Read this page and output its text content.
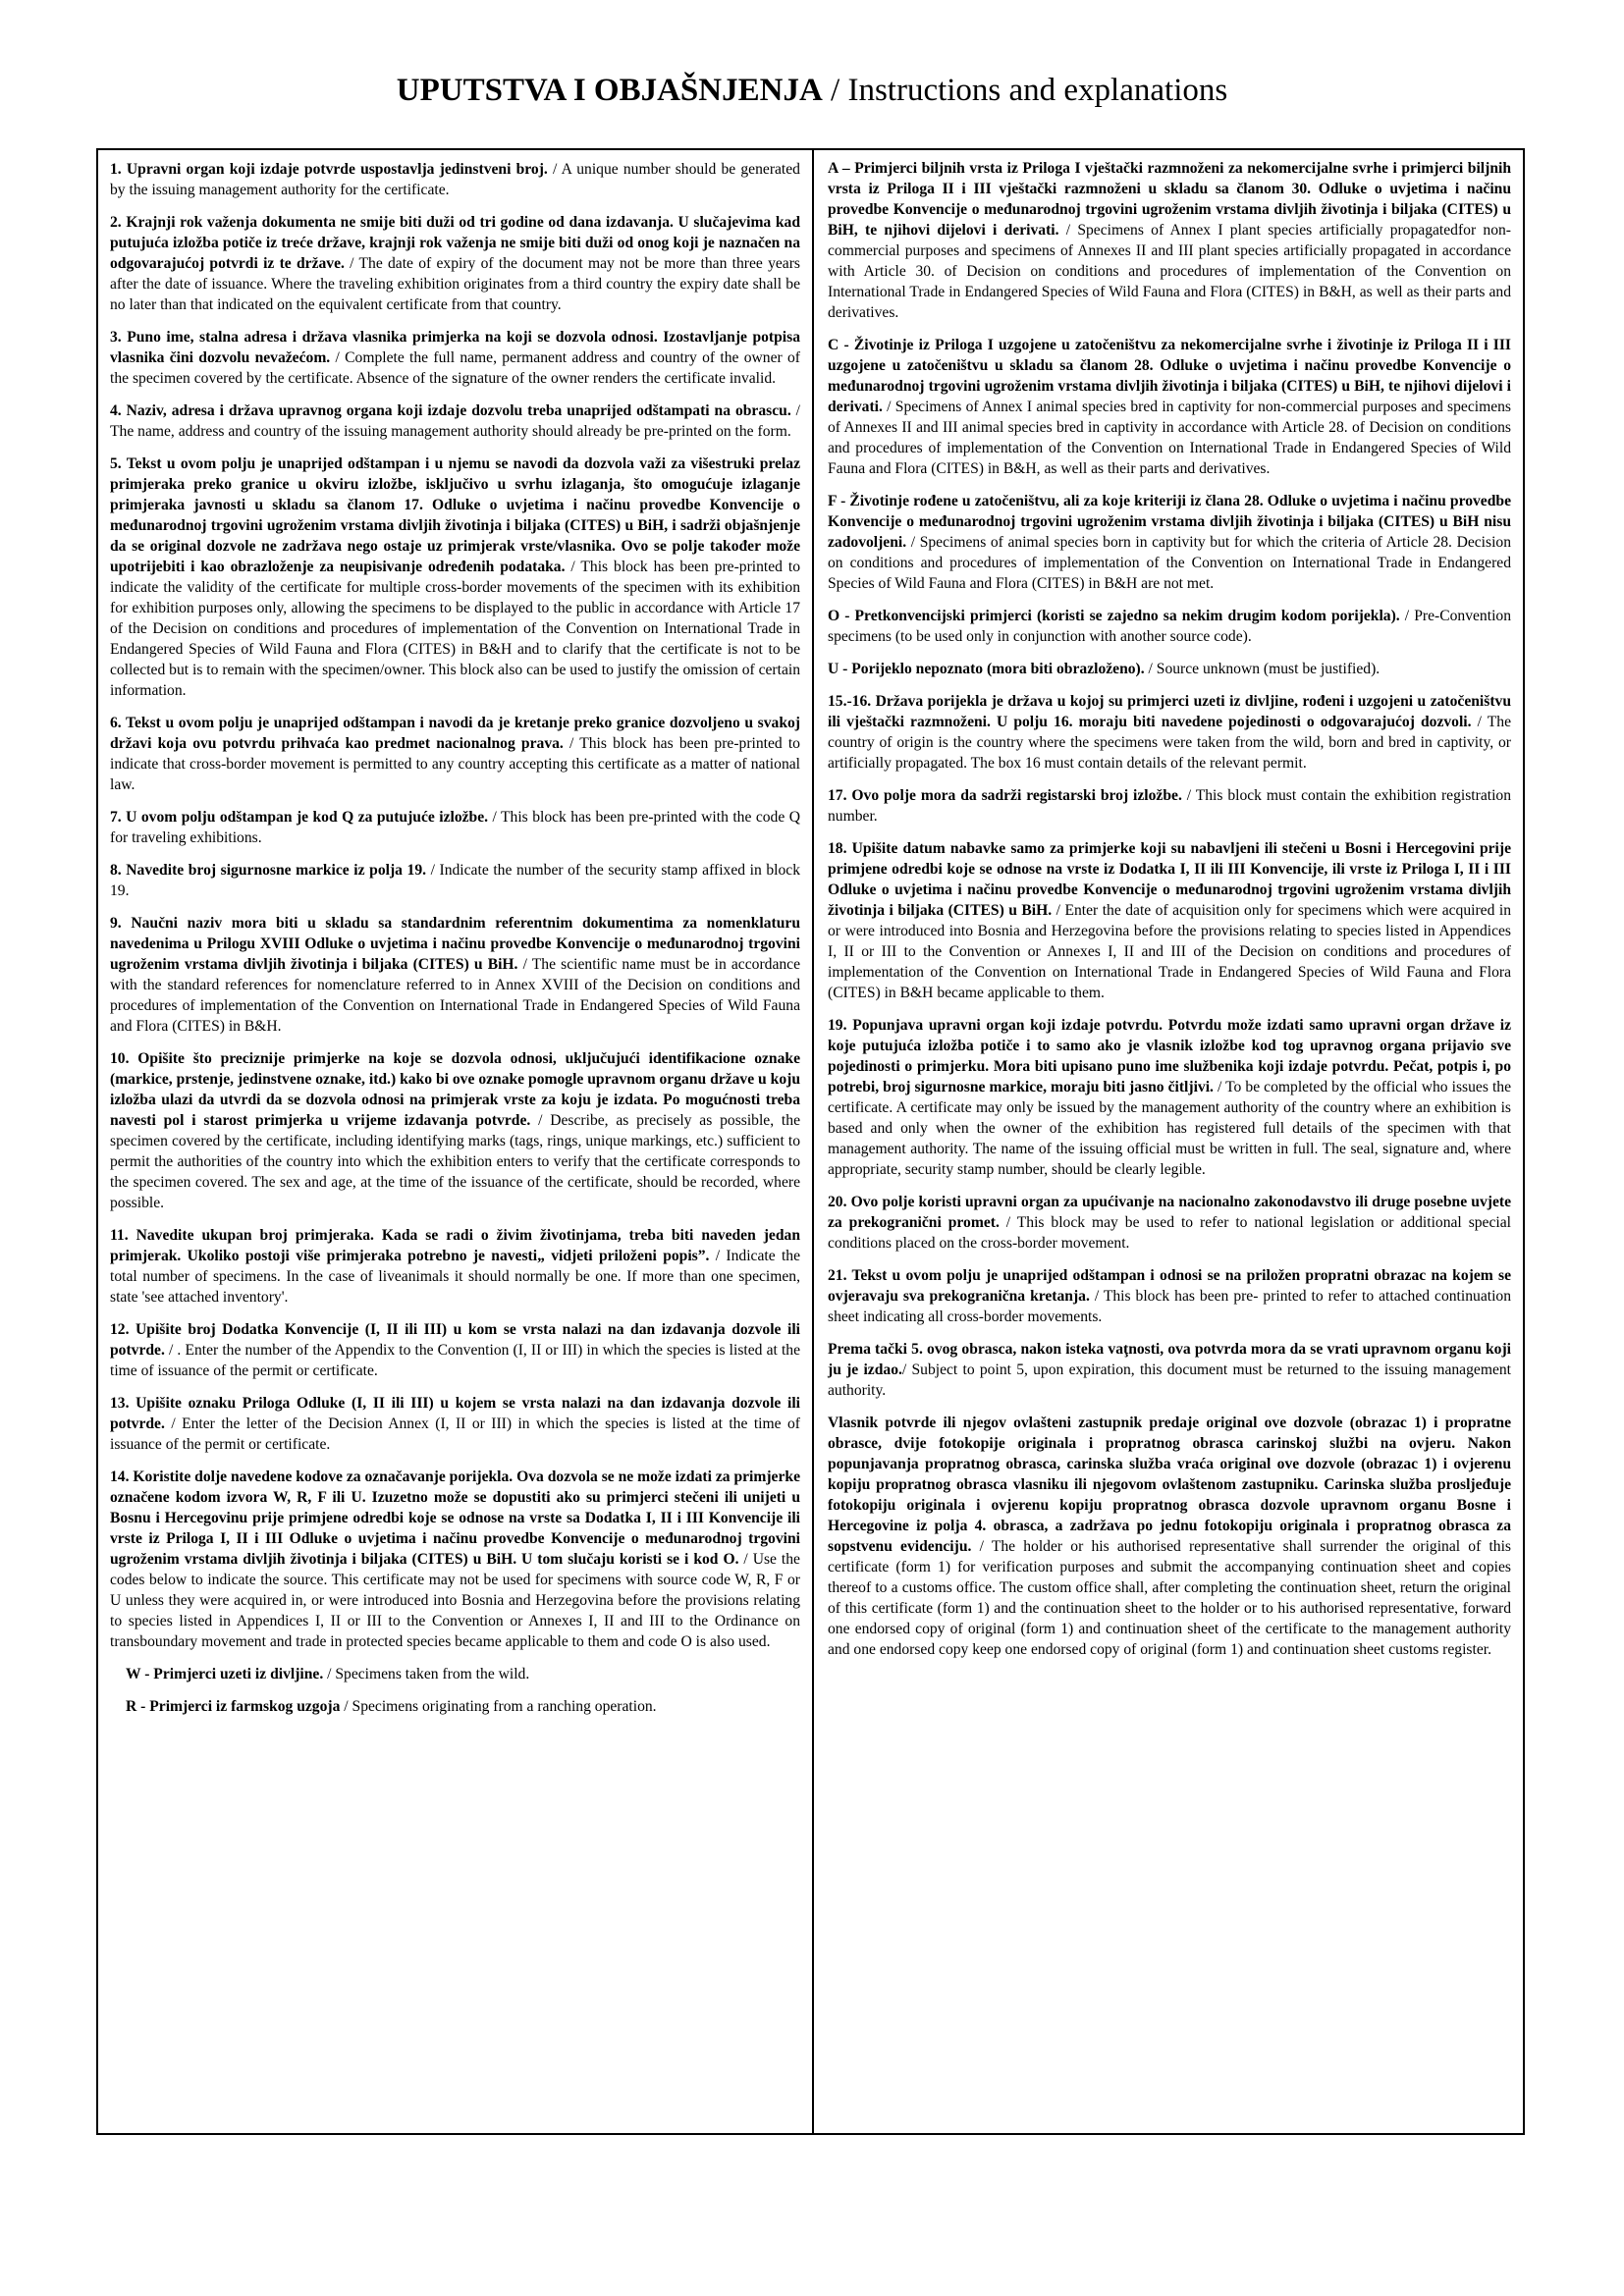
UPUTSTVA I OBJAŠNJENJA / Instructions and explanations
1. Upravni organ koji izdaje potvrde uspostavlja jedinstveni broj. / A unique number should be generated by the issuing management authority for the certificate.
2. Krajnji rok važenja dokumenta ne smije biti duži od tri godine od dana izdavanja. U slučajevima kad putujuća izložba potiče iz treće države, krajnji rok važenja ne smije biti duži od onog koji je naznačen na odgovarajućoj potvrdi iz te države. / The date of expiry of the document may not be more than three years after the date of issuance. Where the traveling exhibition originates from a third country the expiry date shall be no later than that indicated on the equivalent certificate from that country.
3. Puno ime, stalna adresa i država vlasnika primjerka na koji se dozvola odnosi. Izostavljanje potpisa vlasnika čini dozvolu nevažećom. / Complete the full name, permanent address and country of the owner of the specimen covered by the certificate. Absence of the signature of the owner renders the certificate invalid.
4. Naziv, adresa i država upravnog organa koji izdaje dozvolu treba unaprijed odštampati na obrascu. / The name, address and country of the issuing management authority should already be pre-printed on the form.
5. Tekst u ovom polju je unaprijed odštampan i u njemu se navodi da dozvola važi za višestruki prelaz primjeraka preko granice u okviru izložbe, isključivo u svrhu izlaganja, što omogućuje izlaganje primjeraka javnosti u skladu sa članom 17. Odluke o uvjetima i načinu provedbe Konvencije o međunarodnoj trgovini ugroženim vrstama divljih životinja i biljaka (CITES) u BiH, i sadrži objašnjenje da se original dozvole ne zadržava nego ostaje uz primjerak vrste/vlasnika. Ovo se polje također može upotrijebiti i kao obrazloženje za neupisivanje određenih podataka. / This block has been pre-printed to indicate the validity of the certificate for multiple cross-border movements of the specimen with its exhibition for exhibition purposes only, allowing the specimens to be displayed to the public in accordance with Article 17 of the Decision on conditions and procedures of implementation of the Convention on International Trade in Endangered Species of Wild Fauna and Flora (CITES) in B&H and to clarify that the certificate is not to be collected but is to remain with the specimen/owner. This block also can be used to justify the omission of certain information.
6. Tekst u ovom polju je unaprijed odštampan i navodi da je kretanje preko granice dozvoljeno u svakoj državi koja ovu potvrdu prihvaća kao predmet nacionalnog prava. / This block has been pre-printed to indicate that cross-border movement is permitted to any country accepting this certificate as a matter of national law.
7. U ovom polju odštampan je kod Q za putujuće izložbe. / This block has been pre-printed with the code Q for traveling exhibitions.
8. Navedite broj sigurnosne markice iz polja 19. / Indicate the number of the security stamp affixed in block 19.
9. Naučni naziv mora biti u skladu sa standardnim referentnim dokumentima za nomenklaturu navedenima u Prilogu XVIII Odluke o uvjetima i načinu provedbe Konvencije o međunarodnoj trgovini ugroženim vrstama divljih životinja i biljaka (CITES) u BiH. / The scientific name must be in accordance with the standard references for nomenclature referred to in Annex XVIII of the Decision on conditions and procedures of implementation of the Convention on International Trade in Endangered Species of Wild Fauna and Flora (CITES) in B&H.
10. Opišite što preciznije primjerke na koje se dozvola odnosi, uključujući identifikacione oznake (markice, prstenje, jedinstvene oznake, itd.) kako bi ove oznake pomogle upravnom organu države u koju izložba ulazi da utvrdi da se dozvola odnosi na primjerak vrste za koju je izdata. Po mogućnosti treba navesti pol i starost primjerka u vrijeme izdavanja potvrde. / Describe, as precisely as possible, the specimen covered by the certificate, including identifying marks (tags, rings, unique markings, etc.) sufficient to permit the authorities of the country into which the exhibition enters to verify that the certificate corresponds to the specimen covered. The sex and age, at the time of the issuance of the certificate, should be recorded, where possible.
11. Navedite ukupan broj primjeraka. Kada se radi o živim životinjama, treba biti naveden jedan primjerak. Ukoliko postoji više primjeraka potrebno je navesti„ vidjeti priloženi popis”. / Indicate the total number of specimens. In the case of liveanimals it should normally be one. If more than one specimen, state 'see attached inventory'.
12. Upišite broj Dodatka Konvencije (I, II ili III) u kom se vrsta nalazi na dan izdavanja dozvole ili potvrde. / . Enter the number of the Appendix to the Convention (I, II or III) in which the species is listed at the time of issuance of the permit or certificate.
13. Upišite oznaku Priloga Odluke (I, II ili III) u kojem se vrsta nalazi na dan izdavanja dozvole ili potvrde. / Enter the letter of the Decision Annex (I, II or III) in which the species is listed at the time of issuance of the permit or certificate.
14. Koristite dolje navedene kodove za označavanje porijekla. Ova dozvola se ne može izdati za primjerke označene kodom izvora W, R, F ili U. Izuzetno može se dopustiti ako su primjerci stečeni ili unijeti u Bosnu i Hercegovinu prije primjene odredbi koje se odnose na vrste sa Dodatka I, II i III Konvencije ili vrste iz Priloga I, II i III Odluke o uvjetima i načinu provedbe Konvencije o međunarodnoj trgovini ugroženim vrstama divljih životinja i biljaka (CITES) u BiH. U tom slučaju koristi se i kod O. / Use the codes below to indicate the source. This certificate may not be used for specimens with source code W, R, F or U unless they were acquired in, or were introduced into Bosnia and Herzegovina before the provisions relating to species listed in Appendices I, II or III to the Convention or Annexes I, II and III to the Ordinance on transboundary movement and trade in protected species became applicable to them and code O is also used.
W - Primjerci uzeti iz divljine. / Specimens taken from the wild.
R - Primjerci iz farmskog uzgoja / Specimens originating from a ranching operation.
A – Primjerci biljnih vrsta iz Priloga I vještački razmnoženi za nekomercijalne svrhe i primjerci biljnih vrsta iz Priloga II i III vještački razmnoženi u skladu sa članom 30. Odluke o uvjetima i načinu provedbe Konvencije o međunarodnoj trgovini ugroženim vrstama divljih životinja i biljaka (CITES) u BiH, te njihovi dijelovi i derivati. / Specimens of Annex I plant species artificially propagatedfor non-commercial purposes and specimens of Annexes II and III plant species artificially propagated in accordance with Article 30. of Decision on conditions and procedures of implementation of the Convention on International Trade in Endangered Species of Wild Fauna and Flora (CITES) in B&H, as well as their parts and derivatives.
C - Životinje iz Priloga I uzgojene u zatočeništvu za nekomercijalne svrhe i životinje iz Priloga II i III uzgojene u zatočeništvu u skladu sa članom 28. Odluke o uvjetima i načinu provedbe Konvencije o međunarodnoj trgovini ugroženim vrstama divljih životinja i biljaka (CITES) u BiH, te njihovi dijelovi i derivati. / Specimens of Annex I animal species bred in captivity for non-commercial purposes and specimens of Annexes II and III animal species bred in captivity in accordance with Article 28. of Decision on conditions and procedures of implementation of the Convention on International Trade in Endangered Species of Wild Fauna and Flora (CITES) in B&H, as well as their parts and derivatives.
F - Životinje rođene u zatočeništvu, ali za koje kriteriji iz člana 28. Odluke o uvjetima i načinu provedbe Konvencije o međunarodnoj trgovini ugroženim vrstama divljih životinja i biljaka (CITES) u BiH nisu zadovoljeni. / Specimens of animal species born in captivity but for which the criteria of Article 28. Decision on conditions and procedures of implementation of the Convention on International Trade in Endangered Species of Wild Fauna and Flora (CITES) in B&H are not met.
O - Pretkonvencijski primjerci (koristi se zajedno sa nekim drugim kodom porijekla). / Pre-Convention specimens (to be used only in conjunction with another source code).
U - Porijeklo nepoznato (mora biti obrazloženo). / Source unknown (must be justified).
15.-16. Država porijekla je država u kojoj su primjerci uzeti iz divljine, rođeni i uzgojeni u zatočeništvu ili vještački razmnoženi. U polju 16. moraju biti navedene pojedinosti o odgovarajućoj dozvoli. / The country of origin is the country where the specimens were taken from the wild, born and bred in captivity, or artificially propagated. The box 16 must contain details of the relevant permit.
17. Ovo polje mora da sadrži registarski broj izložbe. / This block must contain the exhibition registration number.
18. Upišite datum nabavke samo za primjerke koji su nabavljeni ili stečeni u Bosni i Hercegovini prije primjene odredbi koje se odnose na vrste iz Dodatka I, II ili III Konvencije, ili vrste iz Priloga I, II i III Odluke o uvjetima i načinu provedbe Konvencije o međunarodnoj trgovini ugroženim vrstama divljih životinja i biljaka (CITES) u BiH. / Enter the date of acquisition only for specimens which were acquired in or were introduced into Bosnia and Herzegovina before the provisions relating to species listed in Appendices I, II or III to the Convention or Annexes I, II and III of the Decision on conditions and procedures of implementation of the Convention on International Trade in Endangered Species of Wild Fauna and Flora (CITES) in B&H became applicable to them.
19. Popunjava upravni organ koji izdaje potvrdu. Potvrdu može izdati samo upravni organ države iz koje putujuća izložba potiče i to samo ako je vlasnik izložbe kod tog upravnog organa prijavio sve pojedinosti o primjerku. Mora biti upisano puno ime službenika koji izdaje potvrdu. Pečat, potpis i, po potrebi, broj sigurnosne markice, moraju biti jasno čitljivi. / To be completed by the official who issues the certificate. A certificate may only be issued by the management authority of the country where an exhibition is based and only when the owner of the exhibition has registered full details of the specimen with that management authority. The name of the issuing official must be written in full. The seal, signature and, where appropriate, security stamp number, should be clearly legible.
20. Ovo polje koristi upravni organ za upućivanje na nacionalno zakonodavstvo ili druge posebne uvjete za prekogranični promet. / This block may be used to refer to national legislation or additional special conditions placed on the cross-border movement.
21. Tekst u ovom polju je unaprijed odštampan i odnosi se na priložen propratni obrazac na kojem se ovjeravaju sva prekogranična kretanja. / This block has been pre- printed to refer to attached continuation sheet indicating all cross-border movements.
Prema tački 5. ovog obrasca, nakon isteka vaţnosti, ova potvrda mora da se vrati upravnom organu koji ju je izdao./ Subject to point 5, upon expiration, this document must be returned to the issuing management authority.
Vlasnik potvrde ili njegov ovlašteni zastupnik predaje original ove dozvole (obrazac 1) i propratne obrasce, dvije fotokopije originala i propratnog obrasca carinskoj službi na ovjeru. Nakon popunjavanja propratnog obrasca, carinska služba vraća original ove dozvole (obrazac 1) i ovjerenu kopiju propratnog obrasca vlasniku ili njegovom ovlaštenom zastupniku. Carinska služba prosljeđuje fotokopiju originala i ovjerenu kopiju propratnog obrasca dozvole upravnom organu Bosne i Hercegovine iz polja 4. obrasca, a zadržava po jednu fotokopiju originala i propratnog obrasca za sopstvenu evidenciju. / The holder or his authorised representative shall surrender the original of this certificate (form 1) for verification purposes and submit the accompanying continuation sheet and copies thereof to a customs office. The custom office shall, after completing the continuation sheet, return the original of this certificate (form 1) and the continuation sheet to the holder or to his authorised representative, forward one endorsed copy of original (form 1) and continuation sheet of the certificate to the management authority and one endorsed copy keep one endorsed copy of original (form 1) and continuation sheet customs register.
